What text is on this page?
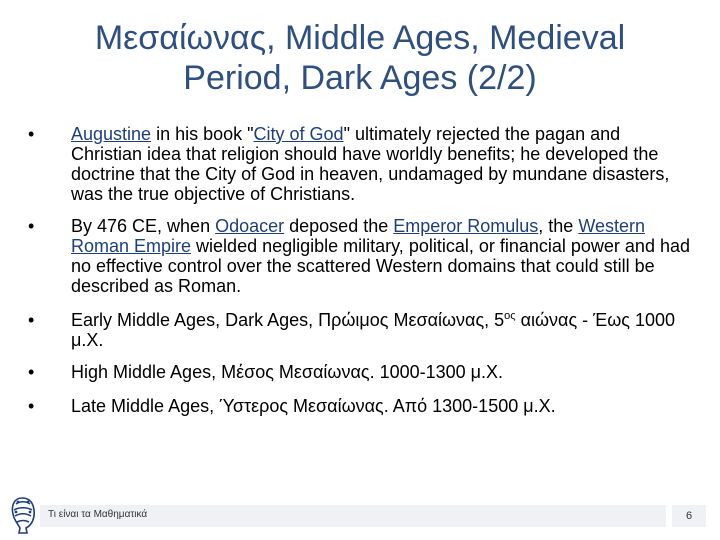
Μεσαίωνας, Middle Ages, Medieval
Period, Dark Ages (2/2)
•	Augustine in his book "City of God" ultimately rejected the pagan and Christian idea that religion should have worldly benefits; he developed the doctrine that the City of God in heaven, undamaged by mundane disasters, was the true objective of Christians.
•	By 476 CE, when Odoacer deposed the Emperor Romulus, the Western Roman Empire wielded negligible military, political, or financial power and had no effective control over the scattered Western domains that could still be described as Roman.
•	Early Middle Ages, Dark Ages, Πρώιμος Μεσαίωνας, $5^{o\varsigma}$ αιώνας - Έως 1000 μ.Χ.
•	High Middle Ages, Μέσος Μεσαίωνας. 1000-1300 μ.Χ.
•	Late Middle Ages, Ύστερος Μεσαίωνας. Από 1300-1500 μ.Χ.
Τι είναι τα Μαθηματικά	6
